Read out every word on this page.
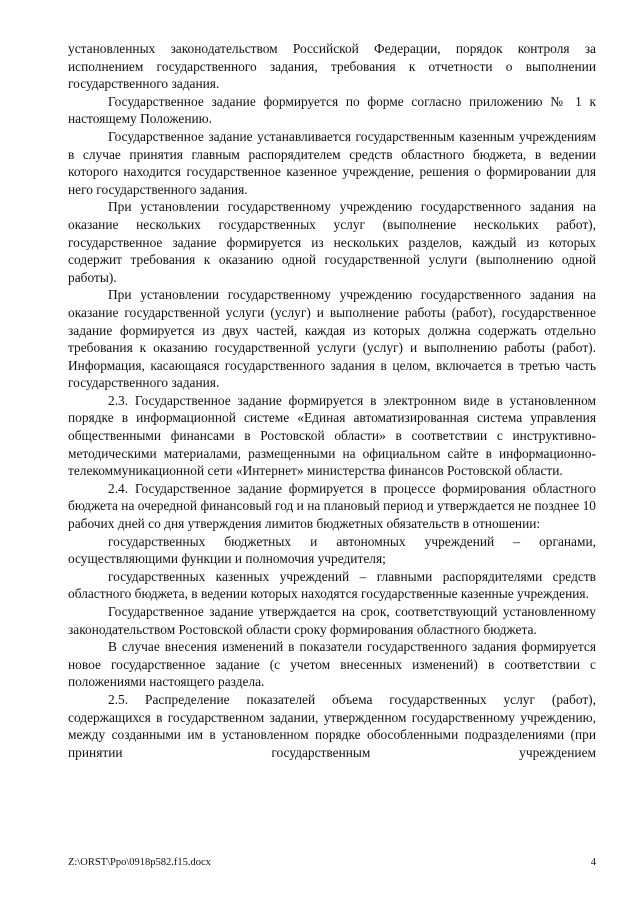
установленных законодательством Российской Федерации, порядок контроля за исполнением государственного задания, требования к отчетности о выполнении государственного задания.

Государственное задание формируется по форме согласно приложению № 1 к настоящему Положению.

Государственное задание устанавливается государственным казенным учреждениям в случае принятия главным распорядителем средств областного бюджета, в ведении которого находится государственное казенное учреждение, решения о формировании для него государственного задания.

При установлении государственному учреждению государственного задания на оказание нескольких государственных услуг (выполнение нескольких работ), государственное задание формируется из нескольких разделов, каждый из которых содержит требования к оказанию одной государственной услуги (выполнению одной работы).

При установлении государственному учреждению государственного задания на оказание государственной услуги (услуг) и выполнение работы (работ), государственное задание формируется из двух частей, каждая из которых должна содержать отдельно требования к оказанию государственной услуги (услуг) и выполнению работы (работ). Информация, касающаяся государственного задания в целом, включается в третью часть государственного задания.

2.3. Государственное задание формируется в электронном виде в установленном порядке в информационной системе «Единая автоматизированная система управления общественными финансами в Ростовской области» в соответствии с инструктивно-методическими материалами, размещенными на официальном сайте в информационно-телекоммуникационной сети «Интернет» министерства финансов Ростовской области.

2.4. Государственное задание формируется в процессе формирования областного бюджета на очередной финансовый год и на плановый период и утверждается не позднее 10 рабочих дней со дня утверждения лимитов бюджетных обязательств в отношении:

государственных бюджетных и автономных учреждений – органами, осуществляющими функции и полномочия учредителя;

государственных казенных учреждений – главными распорядителями средств областного бюджета, в ведении которых находятся государственные казенные учреждения.

Государственное задание утверждается на срок, соответствующий установленному законодательством Ростовской области сроку формирования областного бюджета.

В случае внесения изменений в показатели государственного задания формируется новое государственное задание (с учетом внесенных изменений) в соответствии с положениями настоящего раздела.

2.5. Распределение показателей объема государственных услуг (работ), содержащихся в государственном задании, утвержденном государственному учреждению, между созданными им в установленном порядке обособленными подразделениями (при принятии государственным учреждением

Z:\ORST\Ppo\0918p582.f15.docx	4
